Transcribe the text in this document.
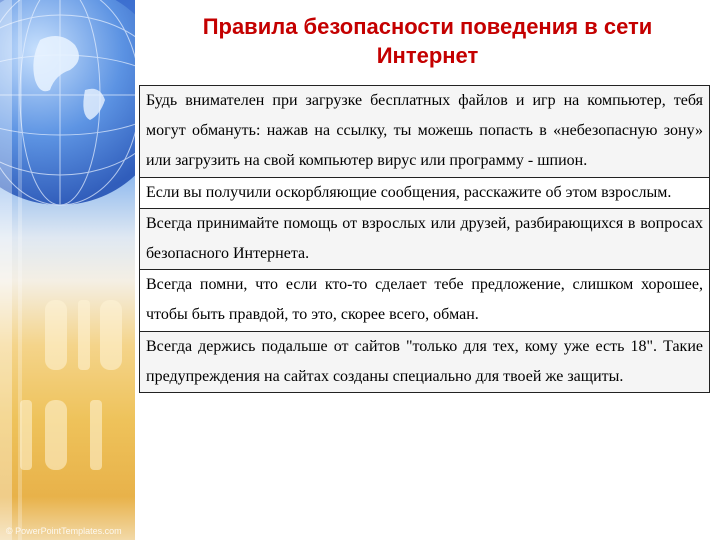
© PowerPointTemplates.com
Правила безопасности поведения в сети
Интернет
Будь внимателен при загрузке бесплатных файлов и игр на компьютер, тебя могут обмануть: нажав на ссылку, ты можешь попасть в «небезопасную зону» или загрузить на свой компьютер вирус или программу - шпион.
Если вы получили оскорбляющие сообщения, расскажите об этом взрослым.
Всегда принимайте помощь от взрослых или друзей, разбирающихся в вопросах безопасного Интернета.
Всегда помни, что если кто-то сделает тебе предложение, слишком хорошее, чтобы быть правдой, то это, скорее всего, обман.
Всегда держись подальше от сайтов "только для тех, кому уже есть 18". Такие предупреждения на сайтах созданы специально для твоей же защиты.
